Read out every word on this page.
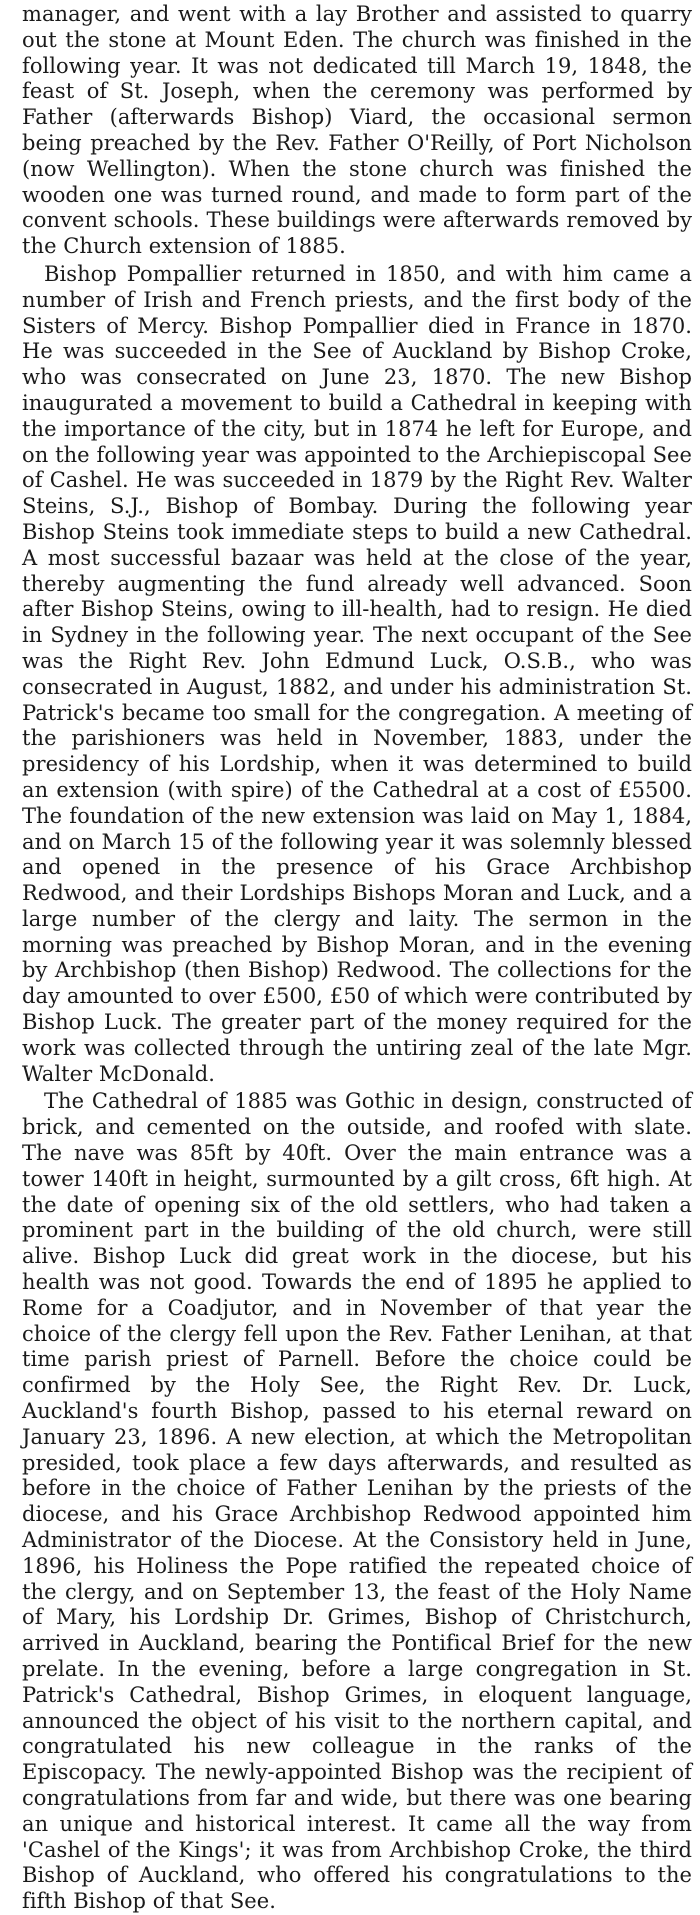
manager, and went with a lay Brother and assisted to quarry out the stone at Mount Eden. The church was finished in the following year. It was not dedicated till March 19, 1848, the feast of St. Joseph, when the ceremony was performed by Father (afterwards Bishop) Viard, the occasional sermon being preached by the Rev. Father O'Reilly, of Port Nicholson (now Wellington). When the stone church was finished the wooden one was turned round, and made to form part of the convent schools. These buildings were afterwards removed by the Church extension of 1885.

Bishop Pompallier returned in 1850, and with him came a number of Irish and French priests, and the first body of the Sisters of Mercy. Bishop Pompallier died in France in 1870. He was succeeded in the See of Auckland by Bishop Croke, who was consecrated on June 23, 1870. The new Bishop inaugurated a movement to build a Cathedral in keeping with the importance of the city, but in 1874 he left for Europe, and on the following year was appointed to the Archiepiscopal See of Cashel. He was succeeded in 1879 by the Right Rev. Walter Steins, S.J., Bishop of Bombay. During the following year Bishop Steins took immediate steps to build a new Cathedral. A most successful bazaar was held at the close of the year, thereby augmenting the fund already well advanced. Soon after Bishop Steins, owing to ill-health, had to resign. He died in Sydney in the following year. The next occupant of the See was the Right Rev. John Edmund Luck, O.S.B., who was consecrated in August, 1882, and under his administration St. Patrick's became too small for the congregation. A meeting of the parishioners was held in November, 1883, under the presidency of his Lordship, when it was determined to build an extension (with spire) of the Cathedral at a cost of £5500. The foundation of the new extension was laid on May 1, 1884, and on March 15 of the following year it was solemnly blessed and opened in the presence of his Grace Archbishop Redwood, and their Lordships Bishops Moran and Luck, and a large number of the clergy and laity. The sermon in the morning was preached by Bishop Moran, and in the evening by Archbishop (then Bishop) Redwood. The collections for the day amounted to over £500, £50 of which were contributed by Bishop Luck. The greater part of the money required for the work was collected through the untiring zeal of the late Mgr. Walter McDonald.

The Cathedral of 1885 was Gothic in design, constructed of brick, and cemented on the outside, and roofed with slate. The nave was 85ft by 40ft. Over the main entrance was a tower 140ft in height, surmounted by a gilt cross, 6ft high. At the date of opening six of the old settlers, who had taken a prominent part in the building of the old church, were still alive. Bishop Luck did great work in the diocese, but his health was not good. Towards the end of 1895 he applied to Rome for a Coadjutor, and in November of that year the choice of the clergy fell upon the Rev. Father Lenihan, at that time parish priest of Parnell. Before the choice could be confirmed by the Holy See, the Right Rev. Dr. Luck, Auckland's fourth Bishop, passed to his eternal reward on January 23, 1896. A new election, at which the Metropolitan presided, took place a few days afterwards, and resulted as before in the choice of Father Lenihan by the priests of the diocese, and his Grace Archbishop Redwood appointed him Administrator of the Diocese. At the Consistory held in June, 1896, his Holiness the Pope ratified the repeated choice of the clergy, and on September 13, the feast of the Holy Name of Mary, his Lordship Dr. Grimes, Bishop of Christchurch, arrived in Auckland, bearing the Pontifical Brief for the new prelate. In the evening, before a large congregation in St. Patrick's Cathedral, Bishop Grimes, in eloquent language, announced the object of his visit to the northern capital, and congratulated his new colleague in the ranks of the Episcopacy. The newly-appointed Bishop was the recipient of congratulations from far and wide, but there was one bearing an unique and historical interest. It came all the way from 'Cashel of the Kings'; it was from Archbishop Croke, the third Bishop of Auckland, who offered his congratulations to the fifth Bishop of that See.
